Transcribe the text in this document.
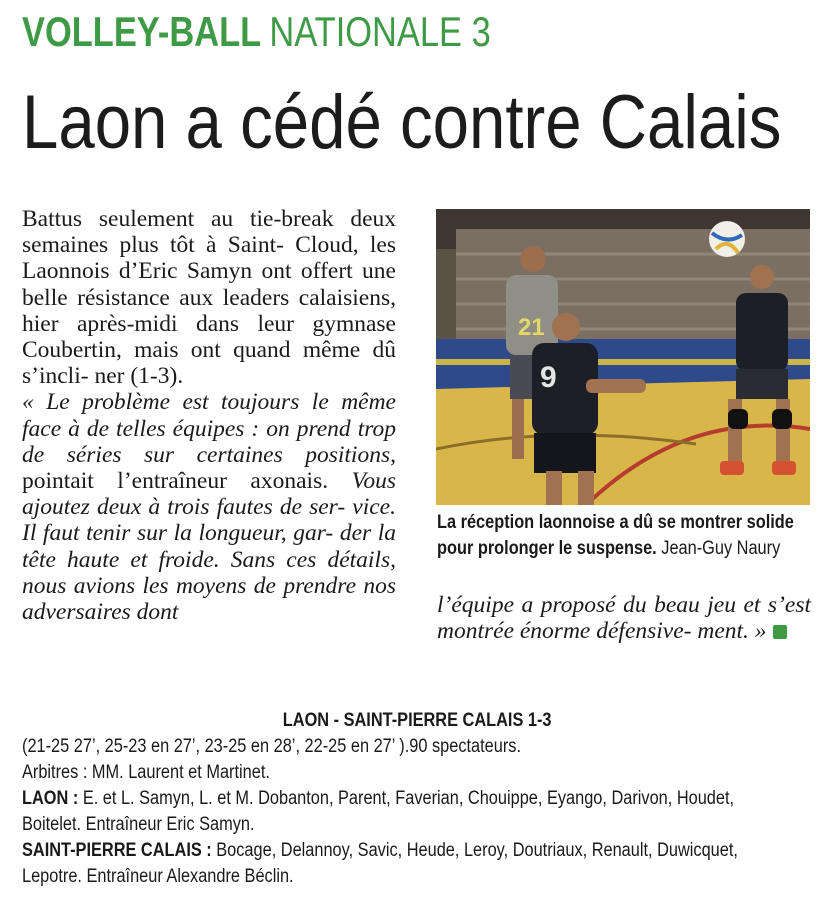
VOLLEY-BALL NATIONALE 3
Laon a cédé contre Calais

Battus seulement au tie-break deux semaines plus tôt à Saint- Cloud, les Laonnois d’Eric Samyn ont offert une belle résistance aux leaders calaisiens, hier après-midi dans leur gymnase Coubertin, mais ont quand même dû s’incli- ner (1-3).

« Le problème est toujours le même face à de telles équipes : on prend trop de séries sur certaines positions, pointait l’entraîneur axonais. Vous ajoutez deux à trois fautes de ser- vice. Il faut tenir sur la longueur, gar- der la tête haute et froide. Sans ces détails, nous avions les moyens de prendre nos adversaires dont

21
9
La réception laonnoise a dû se montrer solide pour prolonger le suspense. Jean-Guy Naury

l’équipe a proposé du beau jeu et s’est montrée énorme défensive- ment. »

LAON - SAINT-PIERRE CALAIS 1-3
(21-25 27’, 25-23 en 27’, 23-25 en 28’, 22-25 en 27’ ).90 spectateurs.
Arbitres : MM. Laurent et Martinet.
LAON : E. et L. Samyn, L. et M. Dobanton, Parent, Faverian, Chouippe, Eyango, Darivon, Houdet,
Boitelet. Entraîneur Eric Samyn.
SAINT-PIERRE CALAIS : Bocage, Delannoy, Savic, Heude, Leroy, Doutriaux, Renault, Duwicquet,
Lepotre. Entraîneur Alexandre Béclin.
